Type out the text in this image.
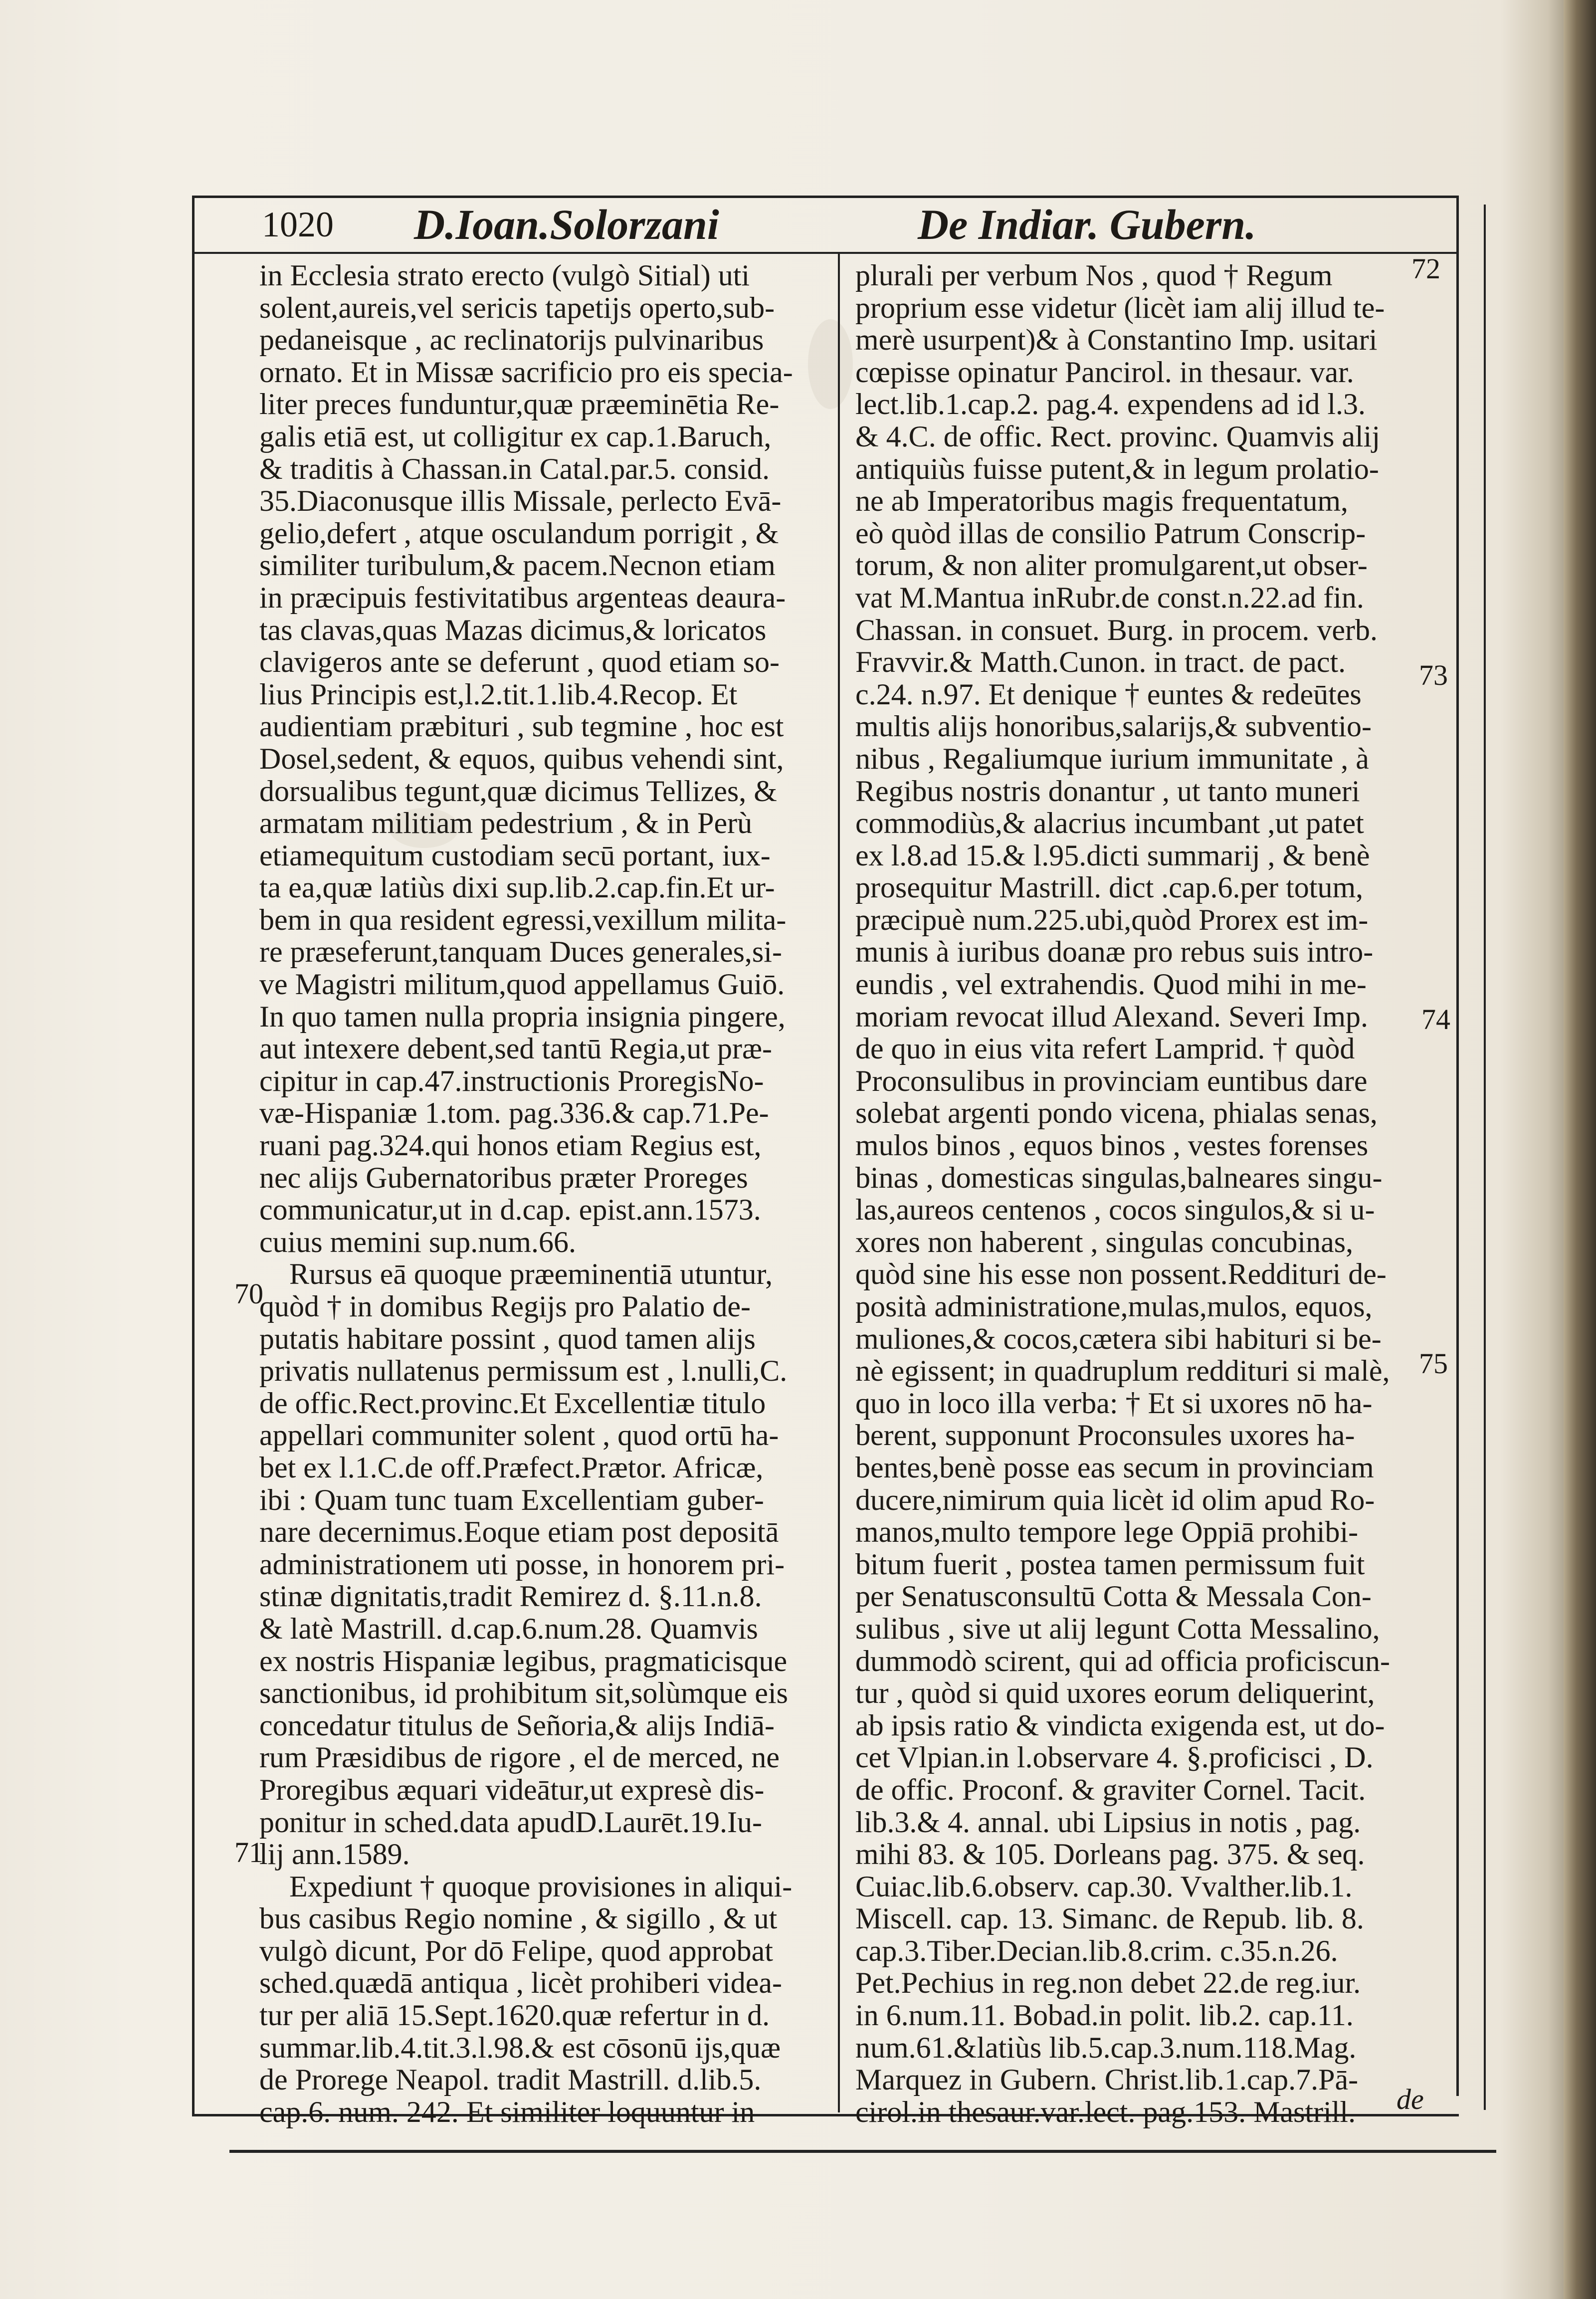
1020 D.Ioan.Solorzani	De Indiar. Gubern.

in Ecclesia strato erecto (vulgò Sitial) uti

solent,aureis,vel sericis tapetijs operto,sub-

pedaneisque , ac reclinatorijs pulvinaribus

ornato. Et in Missæ sacrificio pro eis specia-

liter preces funduntur,quæ præeminētia Re-

galis etiā est, ut colligitur ex cap.1.Baruch,

& traditis à Chassan.in Catal.par.5. consid.

35.Diaconusque illis Missale, perlecto Evā-

gelio,defert , atque osculandum porrigit , &

similiter turibulum,& pacem.Necnon etiam

in præcipuis festivitatibus argenteas deaura-

tas clavas,quas Mazas dicimus,& loricatos

clavigeros ante se deferunt , quod etiam so-

lius Principis est,l.2.tit.1.lib.4.Recop. Et

audientiam præbituri , sub tegmine , hoc est

Dosel,sedent, & equos, quibus vehendi sint,

dorsualibus tegunt,quæ dicimus Tellizes, &

armatam militiam pedestrium , & in Perù

etiamequitum custodiam secū portant, iux-

ta ea,quæ latiùs dixi sup.lib.2.cap.fin.Et ur-

bem in qua resident egressi,vexillum milita-

re præseferunt,tanquam Duces generales,si-

ve Magistri militum,quod appellamus Guiō.

In quo tamen nulla propria insignia pingere,

aut intexere debent,sed tantū Regia,ut præ-

cipitur in cap.47.instructionis ProregisNo-

væ-Hispaniæ 1.tom. pag.336.& cap.71.Pe-

ruani pag.324.qui honos etiam Regius est,

nec alijs Gubernatoribus præter Proreges

communicatur,ut in d.cap. epist.ann.1573.

cuius memini sup.num.66.

Rursus eā quoque præeminentiā utuntur,

quòd † in domibus Regijs pro Palatio de-

putatis habitare possint , quod tamen alijs

privatis nullatenus permissum est , l.nulli,C.

de offic.Rect.provinc.Et Excellentiæ titulo

appellari communiter solent , quod ortū ha-

bet ex l.1.C.de off.Præfect.Prætor. Africæ,

ibi : Quam tunc tuam Excellentiam guber-

nare decernimus.Eoque etiam post depositā

administrationem uti posse, in honorem pri-

stinæ dignitatis,tradit Remirez d. §.11.n.8.

& latè Mastrill. d.cap.6.num.28. Quamvis

ex nostris Hispaniæ legibus, pragmaticisque

sanctionibus, id prohibitum sit,solùmque eis

concedatur titulus de Señoria,& alijs Indiā-

rum Præsidibus de rigore , el de merced, ne

Proregibus æquari videātur,ut expresè dis-

ponitur in sched.data apudD.Laurēt.19.Iu-

lij ann.1589.

Expediunt † quoque provisiones in aliqui-

bus casibus Regio nomine , & sigillo , & ut

vulgò dicunt, Por dō Felipe, quod approbat

sched.quædā antiqua , licèt prohiberi videa-

tur per aliā 15.Sept.1620.quæ refertur in d.

summar.lib.4.tit.3.l.98.& est cōsonū ijs,quæ

de Prorege Neapol. tradit Mastrill. d.lib.5.

cap.6. num. 242. Et similiter loquuntur in

plurali per verbum Nos , quod † Regum

proprium esse videtur (licèt iam alij illud te-

merè usurpent)& à Constantino Imp. usitari

cœpisse opinatur Pancirol. in thesaur. var.

lect.lib.1.cap.2. pag.4. expendens ad id l.3.

& 4.C. de offic. Rect. provinc. Quamvis alij

antiquiùs fuisse putent,& in legum prolatio-

ne ab Imperatoribus magis frequentatum,

eò quòd illas de consilio Patrum Conscrip-

torum, & non aliter promulgarent,ut obser-

vat M.Mantua inRubr.de const.n.22.ad fin.

Chassan. in consuet. Burg. in procem. verb.

Fravvir.& Matth.Cunon. in tract. de pact.

c.24. n.97. Et denique † euntes & redeūtes

multis alijs honoribus,salarijs,& subventio-

nibus , Regaliumque iurium immunitate , à

Regibus nostris donantur , ut tanto muneri

commodiùs,& alacrius incumbant ,ut patet

ex l.8.ad 15.& l.95.dicti summarij , & benè

prosequitur Mastrill. dict .cap.6.per totum,

præcipuè num.225.ubi,quòd Prorex est im-

munis à iuribus doanæ pro rebus suis intro-

eundis , vel extrahendis. Quod mihi in me-

moriam revocat illud Alexand. Severi Imp.

de quo in eius vita refert Lamprid. † quòd

Proconsulibus in provinciam euntibus dare

solebat argenti pondo vicena, phialas senas,

mulos binos , equos binos , vestes forenses

binas , domesticas singulas,balneares singu-

las,aureos centenos , cocos singulos,& si u-

xores non haberent , singulas concubinas,

quòd sine his esse non possent.Reddituri de-

posità administratione,mulas,mulos, equos,

muliones,& cocos,cætera sibi habituri si be-

nè egissent; in quadruplum reddituri si malè,

quo in loco illa verba: † Et si uxores nō ha-

berent, supponunt Proconsules uxores ha-

bentes,benè posse eas secum in provinciam

ducere,nimirum quia licèt id olim apud Ro-

manos,multo tempore lege Oppiā prohibi-

bitum fuerit , postea tamen permissum fuit

per Senatusconsultū Cotta & Messala Con-

sulibus , sive ut alij legunt Cotta Messalino,

dummodò scirent, qui ad officia proficiscun-

tur , quòd si quid uxores eorum deliquerint,

ab ipsis ratio & vindicta exigenda est, ut do-

cet Vlpian.in l.observare 4. §.proficisci , D.

de offic. Proconf. & graviter Cornel. Tacit.

lib.3.& 4. annal. ubi Lipsius in notis , pag.

mihi 83. & 105. Dorleans pag. 375. & seq.

Cuiac.lib.6.observ. cap.30. Vvalther.lib.1.

Miscell. cap. 13. Simanc. de Repub. lib. 8.

cap.3.Tiber.Decian.lib.8.crim. c.35.n.26.

Pet.Pechius in reg.non debet 22.de reg.iur.

in 6.num.11. Bobad.in polit. lib.2. cap.11.

num.61.&latiùs lib.5.cap.3.num.118.Mag.

Marquez in Gubern. Christ.lib.1.cap.7.Pā-

cirol.in thesaur.var.lect. pag.153. Mastrill.

70
71
72
73
74
75
de
